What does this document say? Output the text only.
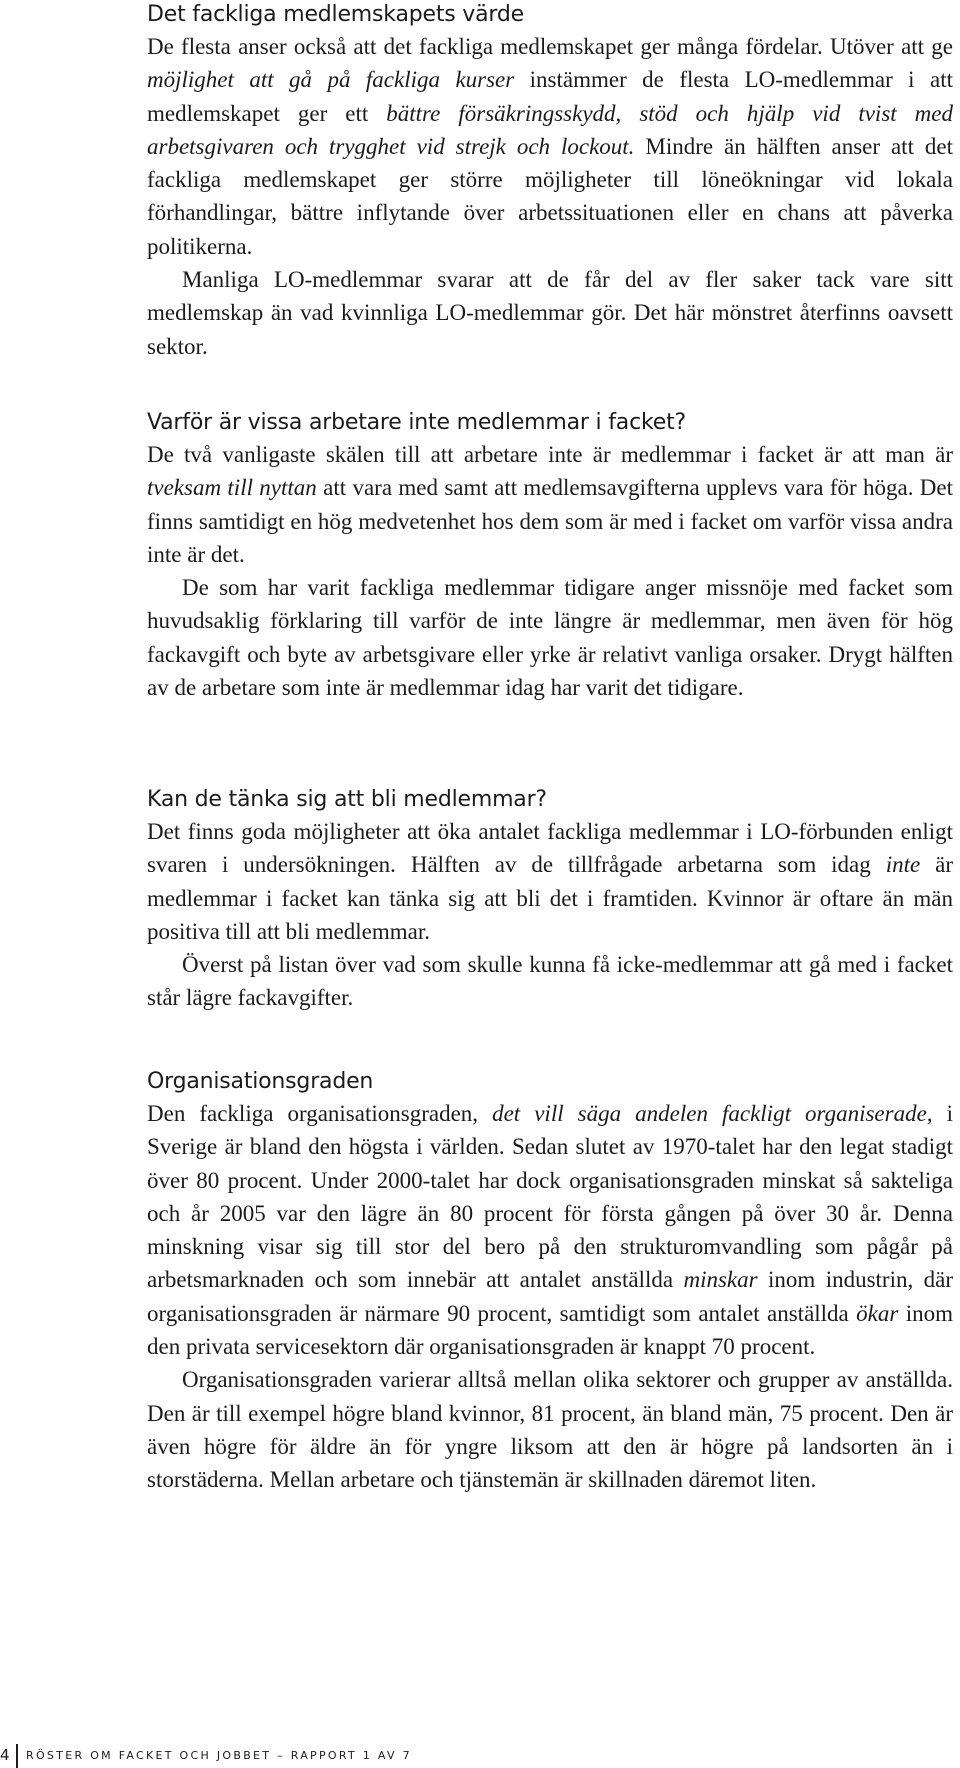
Det fackliga medlemskapets värde

De flesta anser också att det fackliga medlemskapet ger många fördelar. Utöver att ge möjlighet att gå på fackliga kurser instämmer de flesta LO-medlemmar i att medlemskapet ger ett bättre försäkringsskydd, stöd och hjälp vid tvist med arbetsgivaren och trygghet vid strejk och lockout. Mindre än hälften anser att det fackliga medlemskapet ger större möjligheter till löneökningar vid lokala förhandlingar, bättre inflytande över arbetssituationen eller en chans att påverka politikerna.

Manliga LO-medlemmar svarar att de får del av fler saker tack vare sitt medlemskap än vad kvinnliga LO-medlemmar gör. Det här mönstret återfinns oavsett sektor.

Varför är vissa arbetare inte medlemmar i facket?

De två vanligaste skälen till att arbetare inte är medlemmar i facket är att man är tveksam till nyttan att vara med samt att medlemsavgifterna upplevs vara för höga. Det finns samtidigt en hög medvetenhet hos dem som är med i facket om varför vissa andra inte är det.

De som har varit fackliga medlemmar tidigare anger missnöje med facket som huvudsaklig förklaring till varför de inte längre är medlemmar, men även för hög fackavgift och byte av arbetsgivare eller yrke är relativt vanliga orsaker. Drygt hälften av de arbetare som inte är medlemmar idag har varit det tidigare.

Kan de tänka sig att bli medlemmar?

Det finns goda möjligheter att öka antalet fackliga medlemmar i LO-förbunden enligt svaren i undersökningen. Hälften av de tillfrågade arbetarna som idag inte är medlemmar i facket kan tänka sig att bli det i framtiden. Kvinnor är oftare än män positiva till att bli medlemmar.

Överst på listan över vad som skulle kunna få icke-medlemmar att gå med i facket står lägre fackavgifter.

Organisationsgraden

Den fackliga organisationsgraden, det vill säga andelen fackligt organiserade, i Sverige är bland den högsta i världen. Sedan slutet av 1970-talet har den legat stadigt över 80 procent. Under 2000-talet har dock organisationsgraden minskat så sakteliga och år 2005 var den lägre än 80 procent för första gången på över 30 år. Denna minskning visar sig till stor del bero på den strukturomvandling som pågår på arbetsmarknaden och som innebär att antalet anställda minskar inom industrin, där organisationsgraden är närmare 90 procent, samtidigt som antalet anställda ökar inom den privata servicesektorn där organisationsgraden är knappt 70 procent.

Organisationsgraden varierar alltså mellan olika sektorer och grupper av anställda. Den är till exempel högre bland kvinnor, 81 procent, än bland män, 75 procent. Den är även högre för äldre än för yngre liksom att den är högre på landsorten än i storstäderna. Mellan arbetare och tjänstemän är skillnaden däremot liten.

4 RÖSTER OM FACKET OCH JOBBET – RAPPORT 1 AV 7
